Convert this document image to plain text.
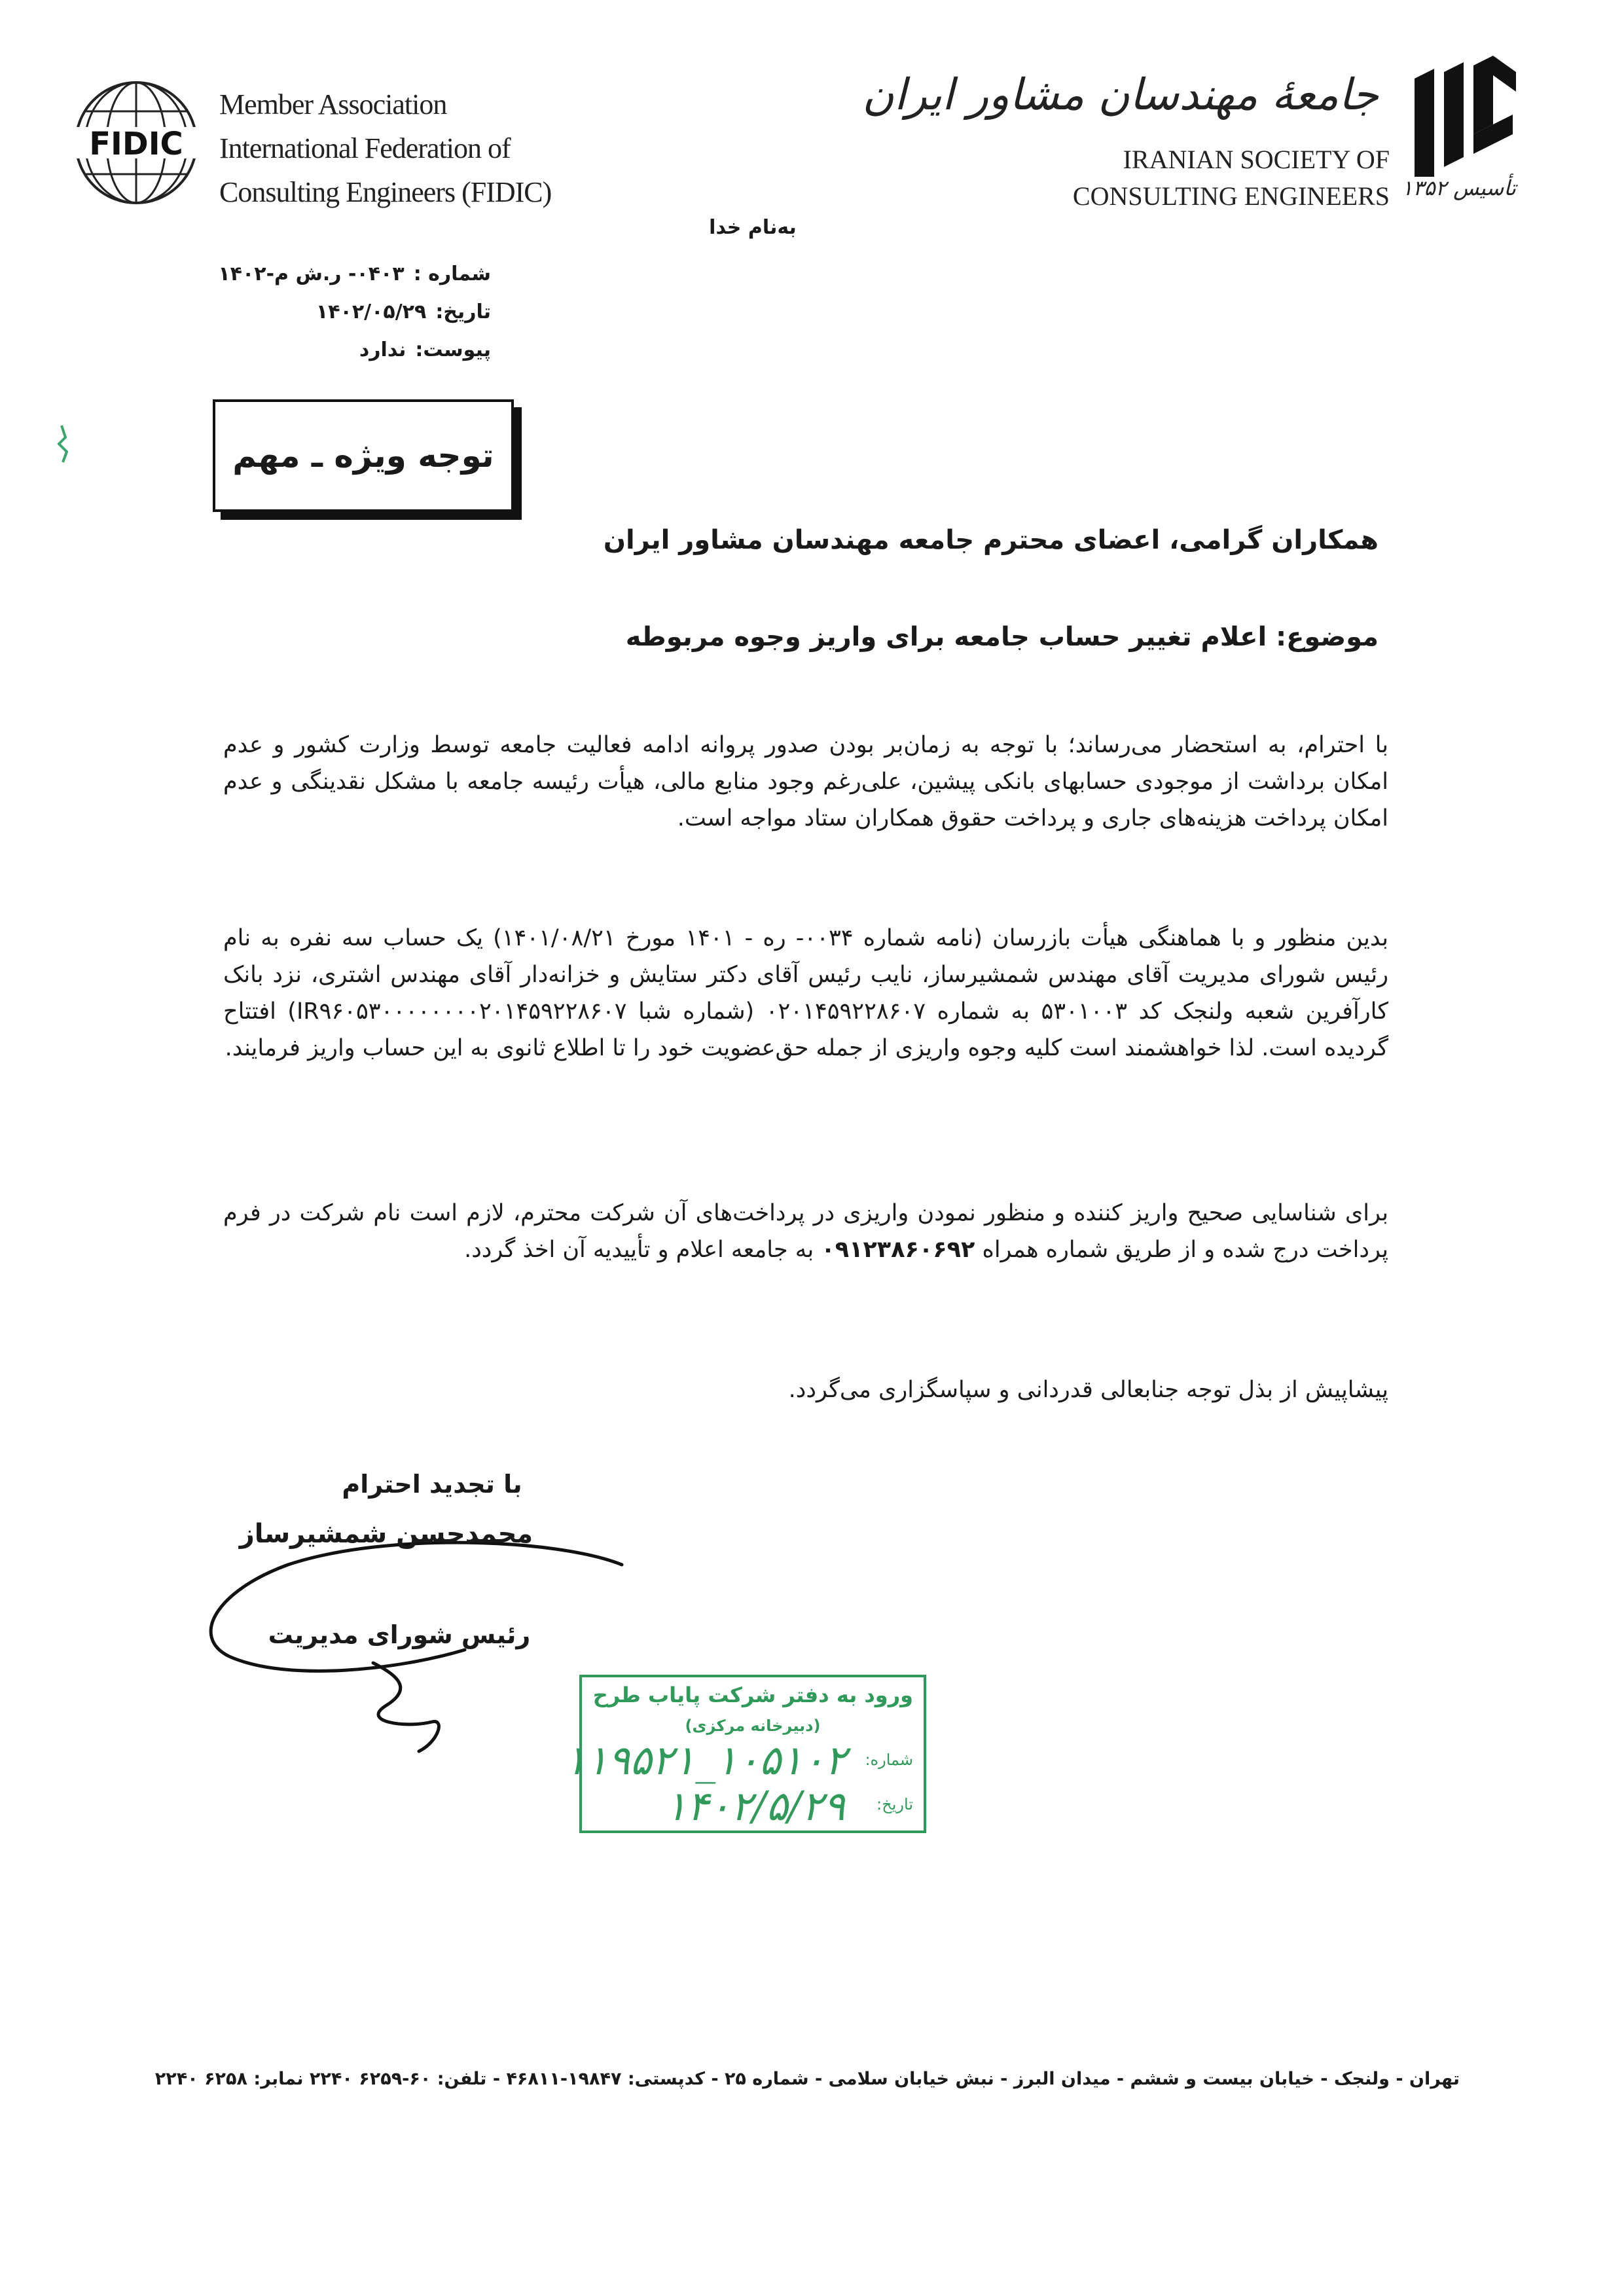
FIDIC
Member Association
International Federation of
Consulting Engineers (FIDIC)
جامعهٔ مهندسان مشاور ایران
IRANIAN SOCIETY OF
CONSULTING ENGINEERS تأسیس ۱۳۵۲
به‌نام خدا
شماره :۰۴۰۳- ر.ش م-۱۴۰۲
تاریخ:۱۴۰۲/۰۵/۲۹
پیوست:ندارد
توجه ویژه ـ مهم
همکاران گرامی، اعضای محترم جامعه مهندسان مشاور ایران
موضوع: اعلام تغییر حساب جامعه برای واریز وجوه مربوطه
با احترام، به استحضار می‌رساند؛ با توجه به زمان‌بر بودن صدور پروانه ادامه فعالیت جامعه توسط وزارت کشور و عدم امکان برداشت از موجودی حسابهای بانکی پیشین، علی‌رغم وجود منابع مالی، هیأت رئیسه جامعه با مشکل نقدینگی و عدم امکان پرداخت هزینه‌های جاری و پرداخت حقوق همکاران ستاد مواجه است.
بدین منظور و با هماهنگی هیأت بازرسان (نامه شماره ۰۰۳۴- ره - ۱۴۰۱ مورخ ۱۴۰۱/۰۸/۲۱) یک حساب سه نفره به نام رئیس شورای مدیریت آقای مهندس شمشیرساز، نایب رئیس آقای دکتر ستایش و خزانه‌دار آقای مهندس اشتری، نزد بانک کارآفرین شعبه ولنجک کد ۵۳۰۱۰۰۳ به شماره ۰۲۰۱۴۵۹۲۲۸۶۰۷ (شماره شبا IR۹۶۰۵۳۰۰۰۰۰۰۰۰۲۰۱۴۵۹۲۲۸۶۰۷) افتتاح گردیده است. لذا خواهشمند است کلیه وجوه واریزی از جمله حق‌عضویت خود را تا اطلاع ثانوی به این حساب واریز فرمایند.
برای شناسایی صحیح واریز کننده و منظور نمودن واریزی در پرداخت‌های آن شرکت محترم، لازم است نام شرکت در فرم پرداخت درج شده و از طریق شماره همراه ۰۹۱۲۳۸۶۰۶۹۲ به جامعه اعلام و تأییدیه آن اخذ گردد.
پیشاپیش از بذل توجه جنابعالی قدردانی و سپاسگزاری می‌گردد.
با تجدید احترام
محمدحسن شمشیرساز
رئیس شورای مدیریت
ورود به دفتر شرکت پایاب طرح
(دبیرخانه مرکزی)
شماره:
۱۰۵۱۰۲_۱۱۹۵۲۱
تاریخ:
۱۴۰۲/۵/۲۹
تهران - ولنجک - خیابان بیست و ششم - میدان البرز - نبش خیابان سلامی - شماره ۲۵ - کدپستی: ۱۹۸۴۷-۴۶۸۱۱ - تلفن: ۶۰-۶۲۵۹ ۲۲۴۰ نمابر: ۶۲۵۸ ۲۲۴۰
